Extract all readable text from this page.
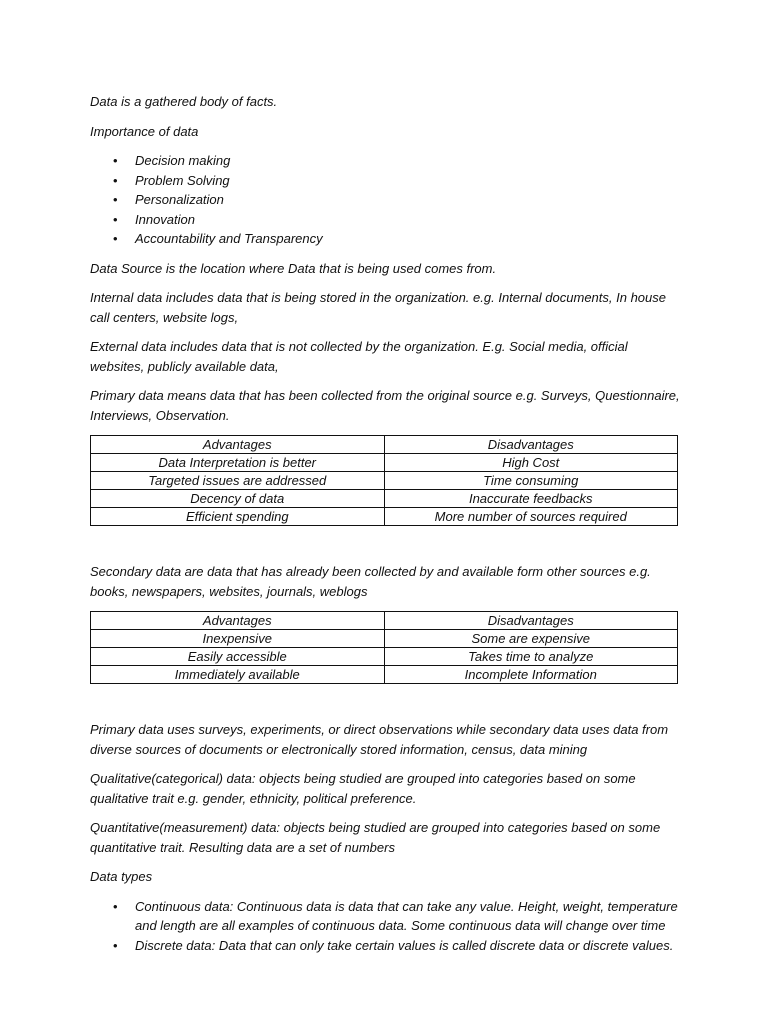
Data is a gathered body of facts.

Importance of data

• Decision making
• Problem Solving
• Personalization
• Innovation
• Accountability and Transparency

Data Source is the location where Data that is being used comes from.

Internal data includes data that is being stored in the organization. e.g. Internal documents, In house call centers, website logs,

External data includes data that is not collected by the organization. E.g. Social media, official websites, publicly available data,

Primary data means data that has been collected from the original source e.g. Surveys, Questionnaire, Interviews, Observation.

Advantages	Disadvantages
Data Interpretation is better	High Cost
Targeted issues are addressed	Time consuming
Decency of data	Inaccurate feedbacks
Efficient spending	More number of sources required

Secondary data are data that has already been collected by and available form other sources e.g. books, newspapers, websites, journals, weblogs

Advantages	Disadvantages
Inexpensive	Some are expensive
Easily accessible	Takes time to analyze
Immediately available	Incomplete Information

Primary data uses surveys, experiments, or direct observations while secondary data uses data from diverse sources of documents or electronically stored information, census, data mining

Qualitative(categorical) data: objects being studied are grouped into categories based on some qualitative trait e.g. gender, ethnicity, political preference.

Quantitative(measurement) data: objects being studied are grouped into categories based on some quantitative trait. Resulting data are a set of numbers

Data types

• Continuous data: Continuous data is data that can take any value. Height, weight, temperature and length are all examples of continuous data. Some continuous data will change over time
• Discrete data: Data that can only take certain values is called discrete data or discrete values.
